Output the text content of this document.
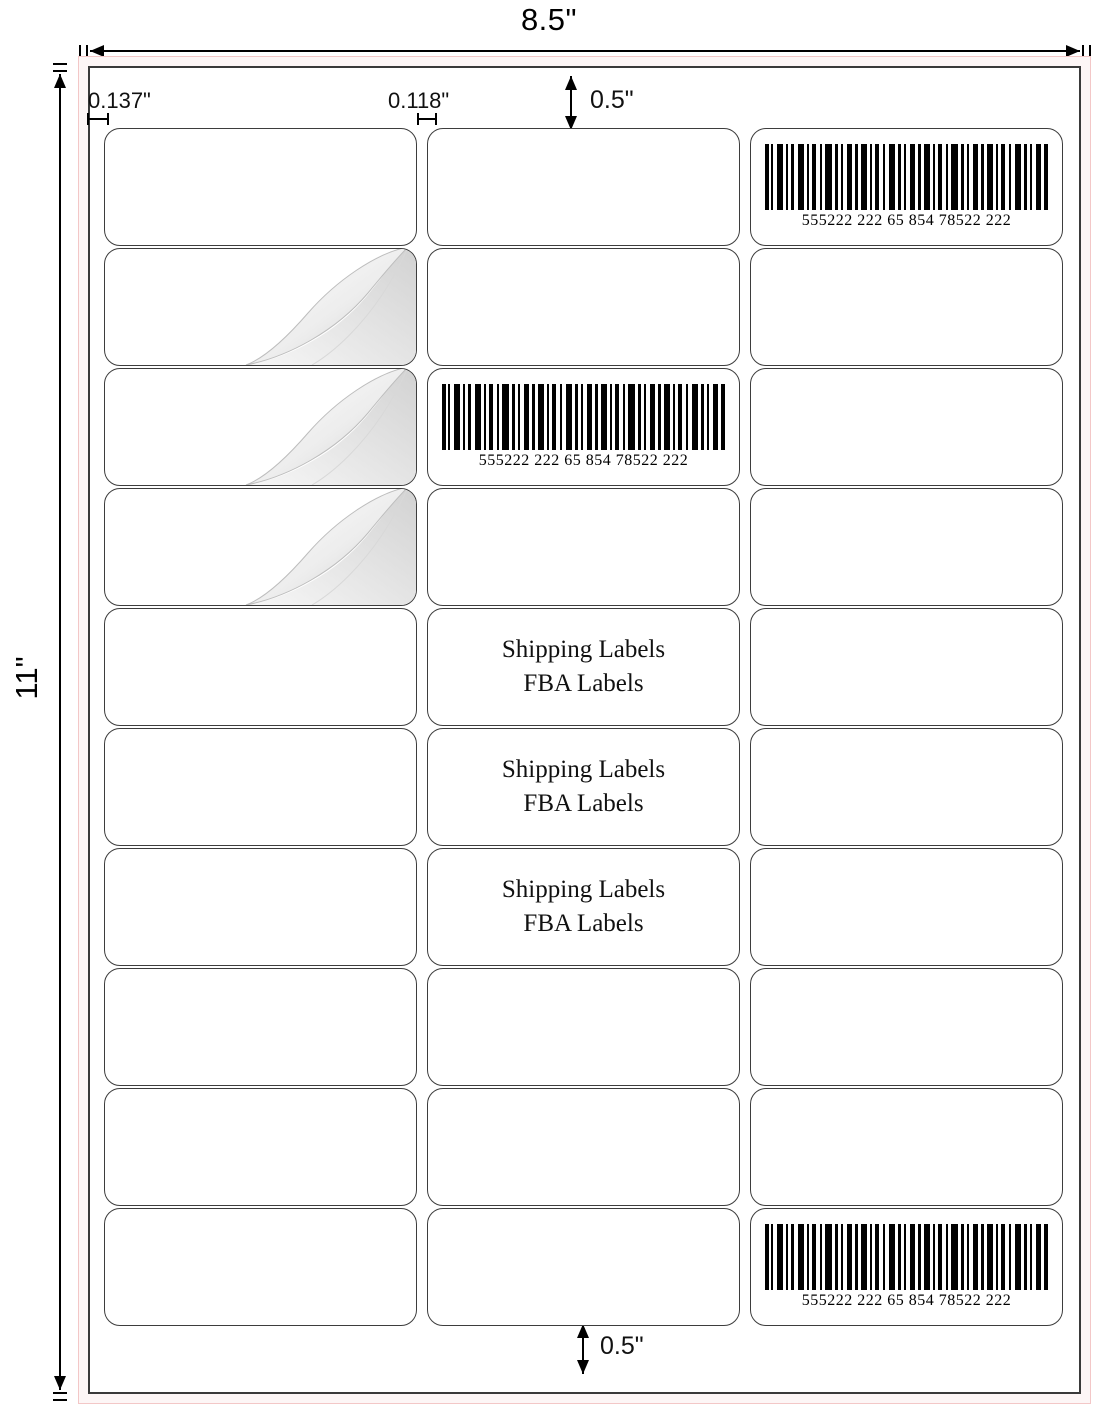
8.5"
11"
0.137"	0.118"	0.5"
0.5"
555222 222 65 854 78522 222
555222 222 65 854 78522 222
Shipping Labels
FBA Labels
Shipping Labels
FBA Labels
Shipping Labels
FBA Labels
555222 222 65 854 78522 222
